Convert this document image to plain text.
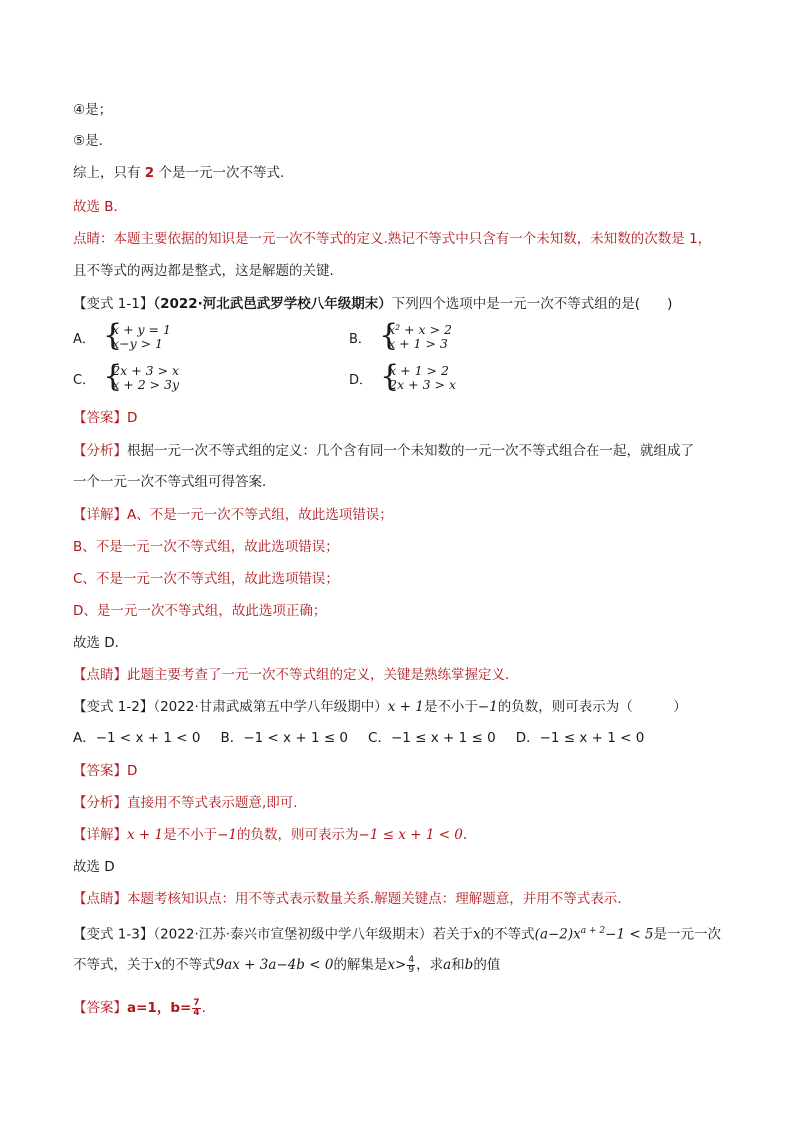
④是；
⑤是.
综上，只有 2 个是一元一次不等式.
故选 B．
点睛：本题主要依据的知识是一元一次不等式的定义.熟记不等式中只含有一个未知数，未知数的次数是 1，
且不等式的两边都是整式，这是解题的关键.
【变式 1-1】（2022·河北武邑武罗学校八年级期末）下列四个选项中是一元一次不等式组的是(　　)
A． {
x + y = 1
x−y > 1	B． {
x² + x > 2
x + 1 > 3
C． {
2x + 3 > x
x + 2 > 3y	D． {
x + 1 > 2
2x + 3 > x
【答案】D
【分析】根据一元一次不等式组的定义：几个含有同一个未知数的一元一次不等式组合在一起，就组成了
一个一元一次不等式组可得答案．
【详解】A、不是一元一次不等式组，故此选项错误；
B、不是一元一次不等式组，故此选项错误；
C、不是一元一次不等式组，故此选项错误；
D、是一元一次不等式组，故此选项正确；
故选 D．
【点睛】此题主要考查了一元一次不等式组的定义，关键是熟练掌握定义．
【变式 1-2】（2022·甘肃武威第五中学八年级期中）x + 1是不小于−1的负数，则可表示为（　　　）
A．−1 < x + 1 < 0 B．−1 < x + 1 ≤ 0 C．−1 ≤ x + 1 ≤ 0 D．−1 ≤ x + 1 < 0
【答案】D
【分析】直接用不等式表示题意,即可.
【详解】x + 1是不小于−1的负数，则可表示为−1 ≤ x + 1 < 0.
故选 D
【点睛】本题考核知识点：用不等式表示数量关系.解题关键点：理解题意，并用不等式表示.
【变式 1-3】（2022·江苏·泰兴市宣堡初级中学八年级期末）若关于x的不等式$(a-2)x^{a + 2}-1 < 5$是一元一次
不等式，关于x的不等式9ax + 3a−4b < 0的解集是$x> \frac{4}{9}$ ，求a和b的值
【答案】a=1，$b= \frac{7}{4}$ .
